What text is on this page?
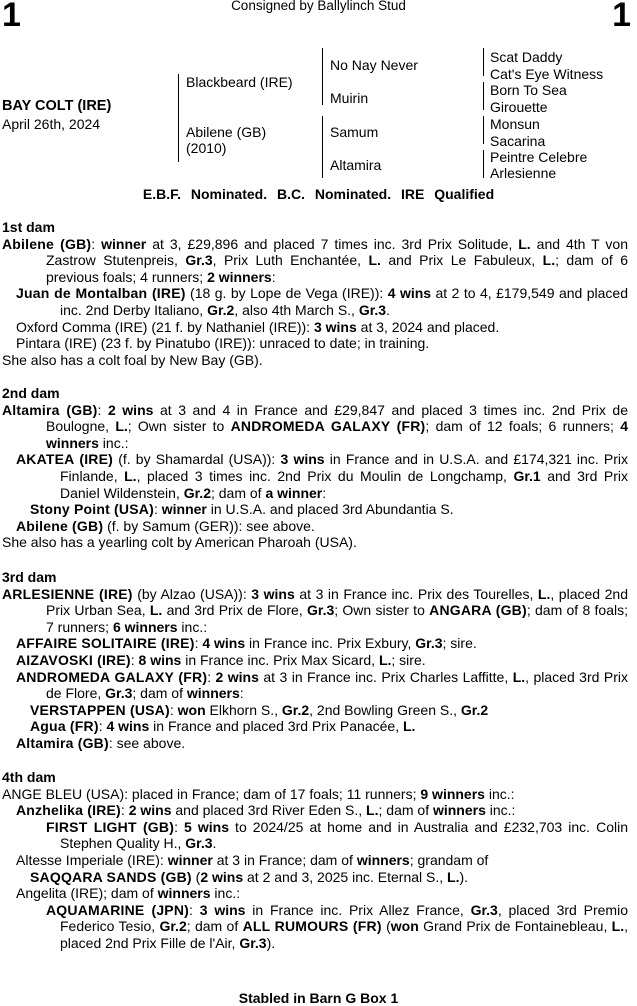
1	1
Consigned by Ballylinch Stud
BAY COLT (IRE)
April 26th, 2024
Blackbeard (IRE)
Abilene (GB)
(2010)
No Nay Never
Muirin
Samum
Altamira
Scat Daddy
Cat's Eye Witness
Born To Sea
Girouette
Monsun
Sacarina
Peintre Celebre
Arlesienne
E.B.F. Nominated. B.C. Nominated. IRE Qualified
1st dam

Abilene (GB): winner at 3, £29,896 and placed 7 times inc. 3rd Prix Solitude, L. and 4th T von Zastrow Stutenpreis, Gr.3, Prix Luth Enchantée, L. and Prix Le Fabuleux, L.; dam of 6 previous foals; 4 runners; 2 winners:

Juan de Montalban (IRE) (18 g. by Lope de Vega (IRE)): 4 wins at 2 to 4, £179,549 and placed inc. 2nd Derby Italiano, Gr.2, also 4th March S., Gr.3.

Oxford Comma (IRE) (21 f. by Nathaniel (IRE)): 3 wins at 3, 2024 and placed.

Pintara (IRE) (23 f. by Pinatubo (IRE)): unraced to date; in training.

She also has a colt foal by New Bay (GB).

2nd dam

Altamira (GB): 2 wins at 3 and 4 in France and £29,847 and placed 3 times inc. 2nd Prix de Boulogne, L.; Own sister to ANDROMEDA GALAXY (FR); dam of 12 foals; 6 runners; 4 winners inc.:

AKATEA (IRE) (f. by Shamardal (USA)): 3 wins in France and in U.S.A. and £174,321 inc. Prix Finlande, L., placed 3 times inc. 2nd Prix du Moulin de Longchamp, Gr.1 and 3rd Prix Daniel Wildenstein, Gr.2; dam of a winner:

Stony Point (USA): winner in U.S.A. and placed 3rd Abundantia S.

Abilene (GB) (f. by Samum (GER)): see above.

She also has a yearling colt by American Pharoah (USA).

3rd dam

ARLESIENNE (IRE) (by Alzao (USA)): 3 wins at 3 in France inc. Prix des Tourelles, L., placed 2nd Prix Urban Sea, L. and 3rd Prix de Flore, Gr.3; Own sister to ANGARA (GB); dam of 8 foals; 7 runners; 6 winners inc.:

AFFAIRE SOLITAIRE (IRE): 4 wins in France inc. Prix Exbury, Gr.3; sire.

AIZAVOSKI (IRE): 8 wins in France inc. Prix Max Sicard, L.; sire.

ANDROMEDA GALAXY (FR): 2 wins at 3 in France inc. Prix Charles Laffitte, L., placed 3rd Prix de Flore, Gr.3; dam of winners:

VERSTAPPEN (USA): won Elkhorn S., Gr.2, 2nd Bowling Green S., Gr.2

Agua (FR): 4 wins in France and placed 3rd Prix Panacée, L.

Altamira (GB): see above.

4th dam

ANGE BLEU (USA): placed in France; dam of 17 foals; 11 runners; 9 winners inc.:

Anzhelika (IRE): 2 wins and placed 3rd River Eden S., L.; dam of winners inc.:

FIRST LIGHT (GB): 5 wins to 2024/25 at home and in Australia and £232,703 inc. Colin Stephen Quality H., Gr.3.

Altesse Imperiale (IRE): winner at 3 in France; dam of winners; grandam of

SAQQARA SANDS (GB) (2 wins at 2 and 3, 2025 inc. Eternal S., L.).

Angelita (IRE); dam of winners inc.:

AQUAMARINE (JPN): 3 wins in France inc. Prix Allez France, Gr.3, placed 3rd Premio Federico Tesio, Gr.2; dam of ALL RUMOURS (FR) (won Grand Prix de Fontainebleau, L., placed 2nd Prix Fille de l'Air, Gr.3).

Stabled in Barn G Box 1
